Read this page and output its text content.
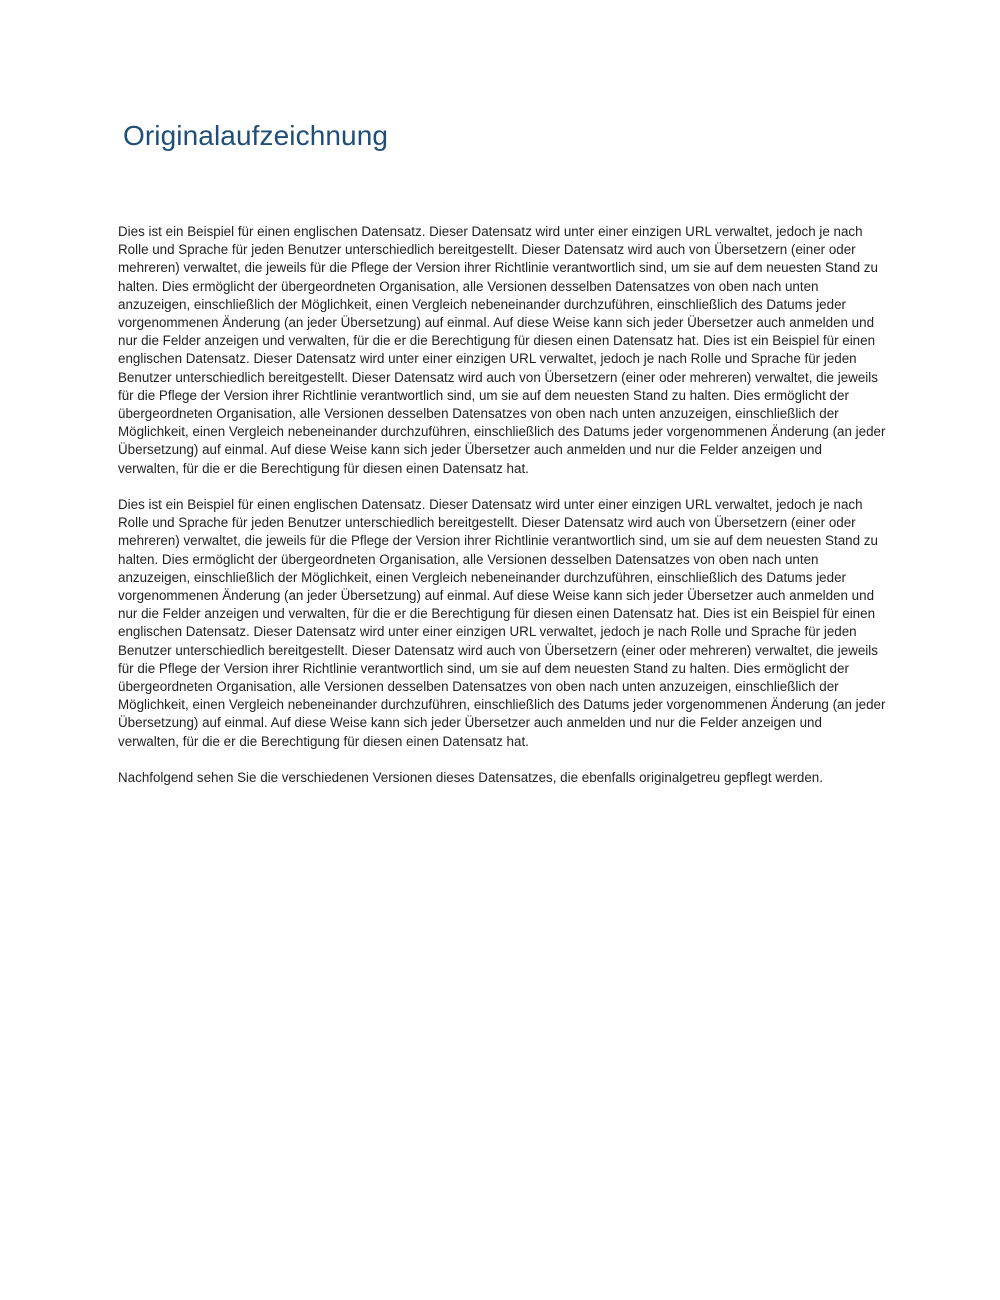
Originalaufzeichnung

Dies ist ein Beispiel für einen englischen Datensatz. Dieser Datensatz wird unter einer einzigen URL verwaltet, jedoch je nach Rolle und Sprache für jeden Benutzer unterschiedlich bereitgestellt. Dieser Datensatz wird auch von Übersetzern (einer oder mehreren) verwaltet, die jeweils für die Pflege der Version ihrer Richtlinie verantwortlich sind, um sie auf dem neuesten Stand zu halten. Dies ermöglicht der übergeordneten Organisation, alle Versionen desselben Datensatzes von oben nach unten anzuzeigen, einschließlich der Möglichkeit, einen Vergleich nebeneinander durchzuführen, einschließlich des Datums jeder vorgenommenen Änderung (an jeder Übersetzung) auf einmal. Auf diese Weise kann sich jeder Übersetzer auch anmelden und nur die Felder anzeigen und verwalten, für die er die Berechtigung für diesen einen Datensatz hat. Dies ist ein Beispiel für einen englischen Datensatz. Dieser Datensatz wird unter einer einzigen URL verwaltet, jedoch je nach Rolle und Sprache für jeden Benutzer unterschiedlich bereitgestellt. Dieser Datensatz wird auch von Übersetzern (einer oder mehreren) verwaltet, die jeweils für die Pflege der Version ihrer Richtlinie verantwortlich sind, um sie auf dem neuesten Stand zu halten. Dies ermöglicht der übergeordneten Organisation, alle Versionen desselben Datensatzes von oben nach unten anzuzeigen, einschließlich der Möglichkeit, einen Vergleich nebeneinander durchzuführen, einschließlich des Datums jeder vorgenommenen Änderung (an jeder Übersetzung) auf einmal. Auf diese Weise kann sich jeder Übersetzer auch anmelden und nur die Felder anzeigen und verwalten, für die er die Berechtigung für diesen einen Datensatz hat.

Dies ist ein Beispiel für einen englischen Datensatz. Dieser Datensatz wird unter einer einzigen URL verwaltet, jedoch je nach Rolle und Sprache für jeden Benutzer unterschiedlich bereitgestellt. Dieser Datensatz wird auch von Übersetzern (einer oder mehreren) verwaltet, die jeweils für die Pflege der Version ihrer Richtlinie verantwortlich sind, um sie auf dem neuesten Stand zu halten. Dies ermöglicht der übergeordneten Organisation, alle Versionen desselben Datensatzes von oben nach unten anzuzeigen, einschließlich der Möglichkeit, einen Vergleich nebeneinander durchzuführen, einschließlich des Datums jeder vorgenommenen Änderung (an jeder Übersetzung) auf einmal. Auf diese Weise kann sich jeder Übersetzer auch anmelden und nur die Felder anzeigen und verwalten, für die er die Berechtigung für diesen einen Datensatz hat. Dies ist ein Beispiel für einen englischen Datensatz. Dieser Datensatz wird unter einer einzigen URL verwaltet, jedoch je nach Rolle und Sprache für jeden Benutzer unterschiedlich bereitgestellt. Dieser Datensatz wird auch von Übersetzern (einer oder mehreren) verwaltet, die jeweils für die Pflege der Version ihrer Richtlinie verantwortlich sind, um sie auf dem neuesten Stand zu halten. Dies ermöglicht der übergeordneten Organisation, alle Versionen desselben Datensatzes von oben nach unten anzuzeigen, einschließlich der Möglichkeit, einen Vergleich nebeneinander durchzuführen, einschließlich des Datums jeder vorgenommenen Änderung (an jeder Übersetzung) auf einmal. Auf diese Weise kann sich jeder Übersetzer auch anmelden und nur die Felder anzeigen und verwalten, für die er die Berechtigung für diesen einen Datensatz hat.

Nachfolgend sehen Sie die verschiedenen Versionen dieses Datensatzes, die ebenfalls originalgetreu gepflegt werden.
